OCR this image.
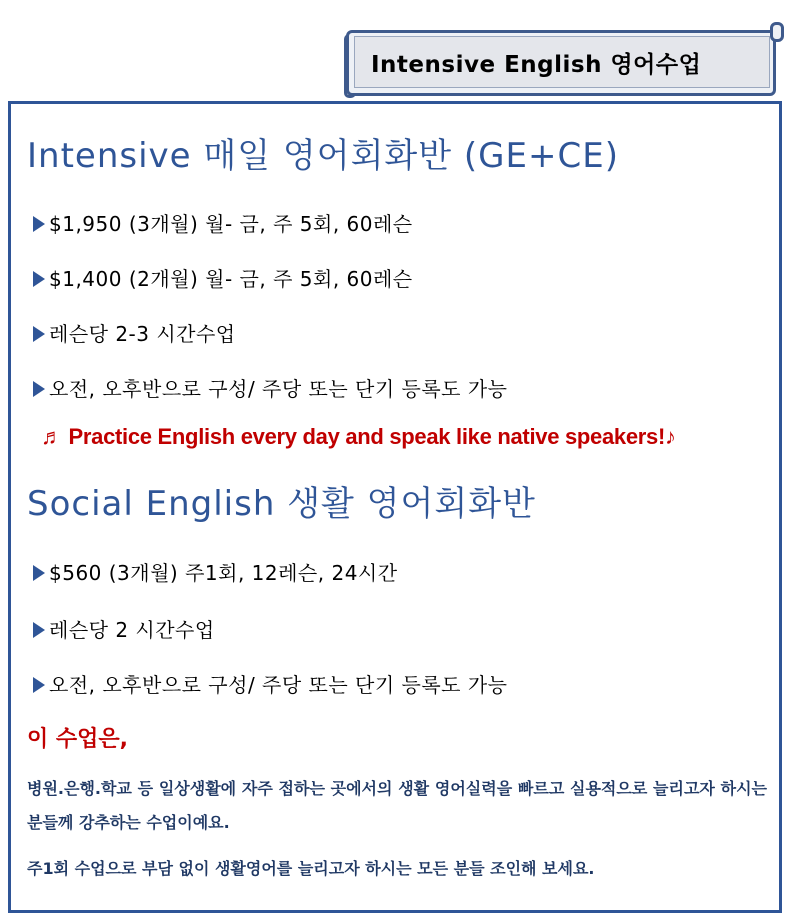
Intensive English 영어수업
Intensive 매일 영어회화반 (GE+CE)
$1,950 (3개월) 월- 금, 주 5회, 60레슨
$1,400 (2개월) 월- 금, 주 5회, 60레슨
레슨당 2-3 시간수업
오전, 오후반으로 구성/ 주당 또는 단기 등록도 가능
♬ Practice English every day and speak like native speakers!♪
Social English 생활 영어회화반
$560 (3개월) 주1회, 12레슨, 24시간
레슨당 2 시간수업
오전, 오후반으로 구성/ 주당 또는 단기 등록도 가능
이 수업은,
병원.은행.학교 등 일상생활에 자주 접하는 곳에서의 생활 영어실력을 빠르고 실용적으로 늘리고자 하시는 분들께 강추하는 수업이예요.
주1회 수업으로 부담 없이 생활영어를 늘리고자 하시는 모든 분들 조인해 보세요.
